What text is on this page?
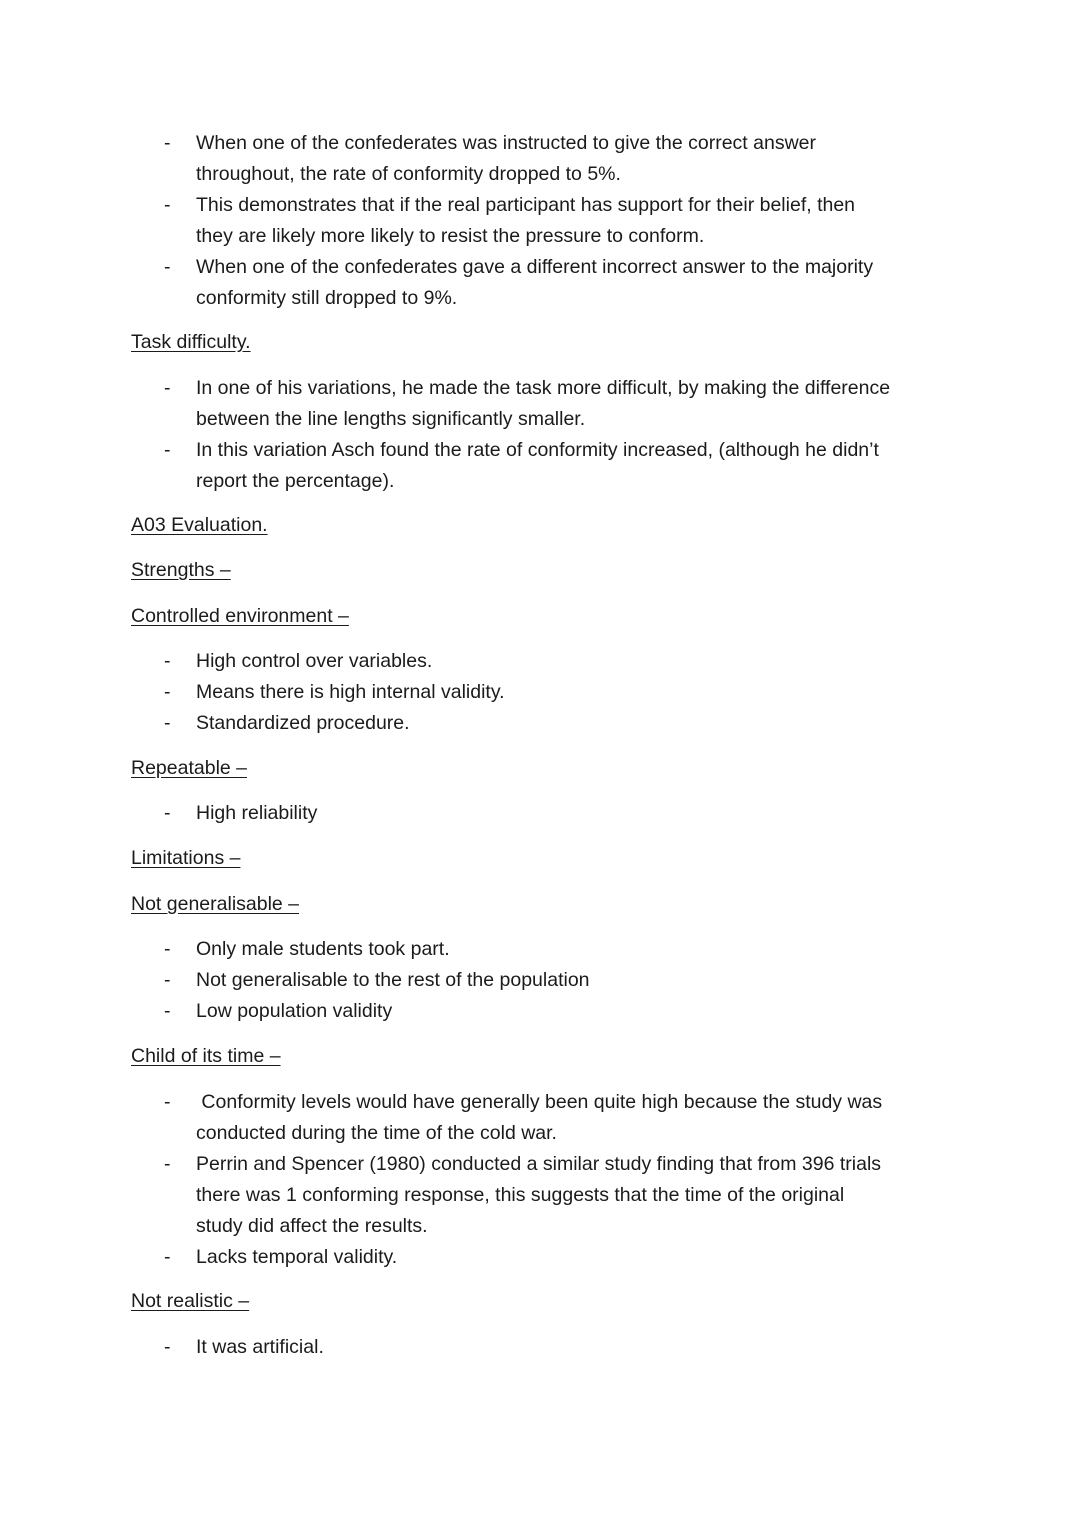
- When one of the confederates was instructed to give the correct answer
throughout, the rate of conformity dropped to 5%.
- This demonstrates that if the real participant has support for their belief, then
they are likely more likely to resist the pressure to conform.
- When one of the confederates gave a different incorrect answer to the majority
conformity still dropped to 9%.
Task difficulty.
- In one of his variations, he made the task more difficult, by making the difference
between the line lengths significantly smaller.
- In this variation Asch found the rate of conformity increased, (although he didn’t
report the percentage).
A03 Evaluation.
Strengths –
Controlled environment –
- High control over variables.
- Means there is high internal validity.
- Standardized procedure.
Repeatable –
- High reliability
Limitations –
Not generalisable –
- Only male students took part.
- Not generalisable to the rest of the population
- Low population validity
Child of its time –
- Conformity levels would have generally been quite high because the study was
conducted during the time of the cold war.
- Perrin and Spencer (1980) conducted a similar study finding that from 396 trials
there was 1 conforming response, this suggests that the time of the original
study did affect the results.
- Lacks temporal validity.
Not realistic –
- It was artificial.
